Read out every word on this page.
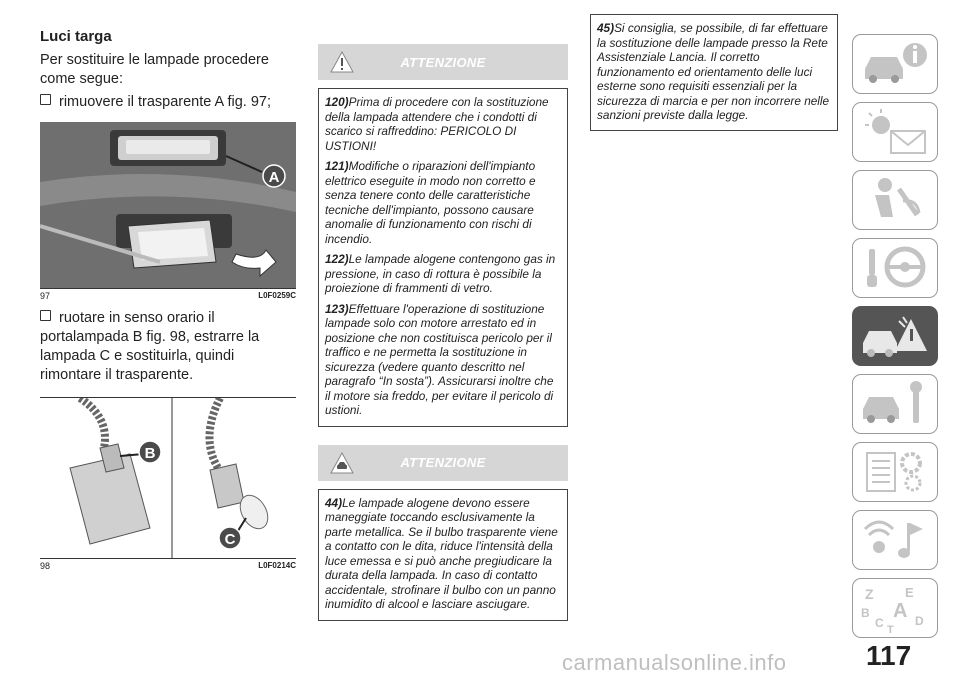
Luci targa

Per sostituire le lampade procedere come segue:

rimuovere il trasparente A fig. 97;

A
97	L0F0259C

ruotare in senso orario il portalampada B fig. 98, estrarre la lampada C e sostituirla, quindi rimontare il trasparente.

B
C
98	L0F0214C
ATTENZIONE

120)Prima di procedere con la sostituzione della lampada attendere che i condotti di scarico si raffreddino: PERICOLO DI USTIONI!

121)Modifiche o riparazioni dell'impianto elettrico eseguite in modo non corretto e senza tenere conto delle caratteristiche tecniche dell'impianto, possono causare anomalie di funzionamento con rischi di incendio.

122)Le lampade alogene contengono gas in pressione, in caso di rottura è possibile la proiezione di frammenti di vetro.

123)Effettuare l'operazione di sostituzione lampade solo con motore arrestato ed in posizione che non costituisca pericolo per il traffico e ne permetta la sostituzione in sicurezza (vedere quanto descritto nel paragrafo “In sosta”). Assicurarsi inoltre che il motore sia freddo, per evitare il pericolo di ustioni.

ATTENZIONE

44)Le lampade alogene devono essere maneggiate toccando esclusivamente la parte metallica. Se il bulbo trasparente viene a contatto con le dita, riduce l'intensità della luce emessa e si può anche pregiudicare la durata della lampada. In caso di contatto accidentale, strofinare il bulbo con un panno inumidito di alcool e lasciare asciugare.

45)Si consiglia, se possibile, di far effettuare la sostituzione delle lampade presso la Rete Assistenziale Lancia. Il corretto funzionamento ed orientamento delle luci esterne sono requisiti essenziali per la sicurezza di marcia e per non incorrere nelle sanzioni previste dalla legge.
Z E
B A
C	D
T
carmanualsonline.info	117
